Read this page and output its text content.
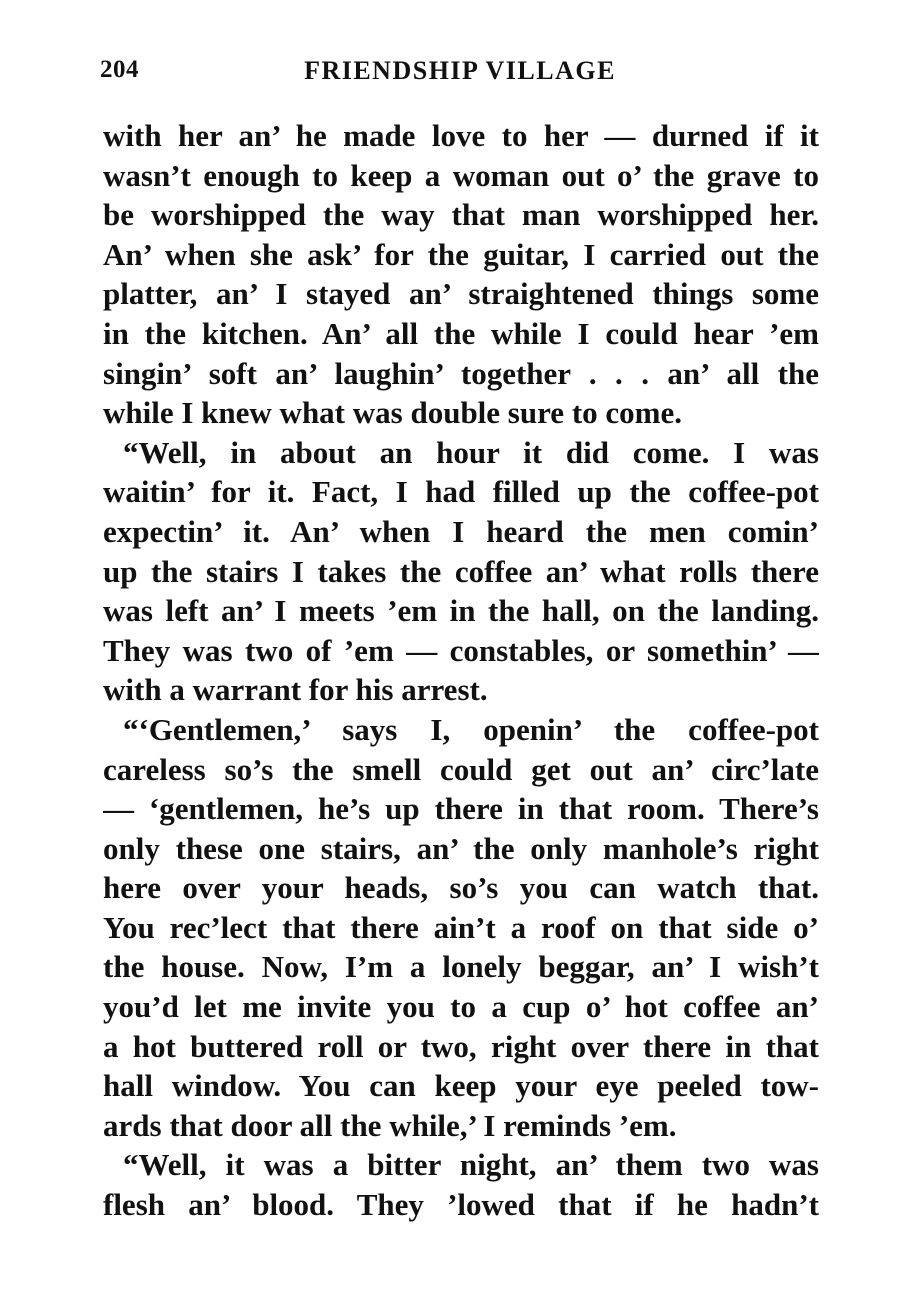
204	FRIENDSHIP VILLAGE
with her an’ he made love to her — durned if it
wasn’t enough to keep a woman out o’ the grave to
be worshipped the way that man worshipped her.
An’ when she ask’ for the guitar, I carried out the
platter, an’ I stayed an’ straightened things some
in the kitchen. An’ all the while I could hear ’em
singin’ soft an’ laughin’ together . . . an’ all the
while I knew what was double sure to come.
“Well, in about an hour it did come. I was
waitin’ for it. Fact, I had filled up the coffee-pot
expectin’ it. An’ when I heard the men comin’
up the stairs I takes the coffee an’ what rolls there
was left an’ I meets ’em in the hall, on the landing.
They was two of ’em — constables, or somethin’ —
with a warrant for his arrest.
“‘Gentlemen,’ says I, openin’ the coffee-pot
careless so’s the smell could get out an’ circ’late
— ‘gentlemen, he’s up there in that room. There’s
only these one stairs, an’ the only manhole’s right
here over your heads, so’s you can watch that.
You rec’lect that there ain’t a roof on that side o’
the house. Now, I’m a lonely beggar, an’ I wish’t
you’d let me invite you to a cup o’ hot coffee an’
a hot buttered roll or two, right over there in that
hall window. You can keep your eye peeled tow-
ards that door all the while,’ I reminds ’em.
“Well, it was a bitter night, an’ them two was
flesh an’ blood. They ’lowed that if he hadn’t
